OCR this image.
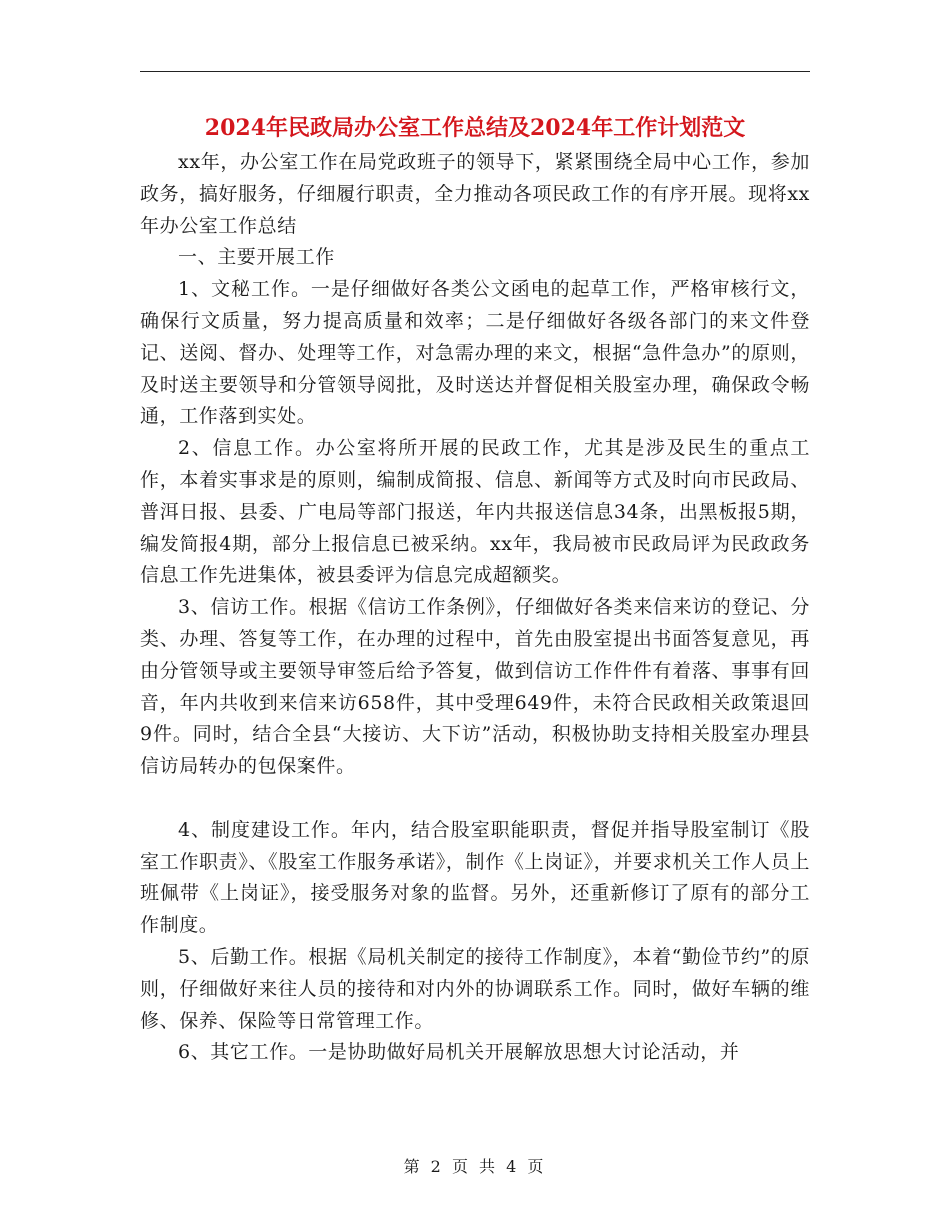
2024年民政局办公室工作总结及2024年工作计划范文

xx年，办公室工作在局党政班子的领导下，紧紧围绕全局中心工作，参加政务，搞好服务，仔细履行职责，全力推动各项民政工作的有序开展。现将xx年办公室工作总结

一、主要开展工作

1、文秘工作。一是仔细做好各类公文函电的起草工作，严格审核行文，确保行文质量，努力提高质量和效率；二是仔细做好各级各部门的来文件登记、送阅、督办、处理等工作，对急需办理的来文，根据“急件急办”的原则，及时送主要领导和分管领导阅批，及时送达并督促相关股室办理，确保政令畅通，工作落到实处。

2、信息工作。办公室将所开展的民政工作，尤其是涉及民生的重点工作，本着实事求是的原则，编制成简报、信息、新闻等方式及时向市民政局、普洱日报、县委、广电局等部门报送，年内共报送信息34条，出黑板报5期，编发简报4期，部分上报信息已被采纳。xx年，我局被市民政局评为民政政务信息工作先进集体，被县委评为信息完成超额奖。

3、信访工作。根据《信访工作条例》，仔细做好各类来信来访的登记、分类、办理、答复等工作，在办理的过程中，首先由股室提出书面答复意见，再由分管领导或主要领导审签后给予答复，做到信访工作件件有着落、事事有回音，年内共收到来信来访658件，其中受理649件，未符合民政相关政策退回9件。同时，结合全县“大接访、大下访”活动，积极协助支持相关股室办理县信访局转办的包保案件。

4、制度建设工作。年内，结合股室职能职责，督促并指导股室制订《股室工作职责》、《股室工作服务承诺》，制作《上岗证》，并要求机关工作人员上班佩带《上岗证》，接受服务对象的监督。另外，还重新修订了原有的部分工作制度。

5、后勤工作。根据《局机关制定的接待工作制度》，本着“勤俭节约”的原则，仔细做好来往人员的接待和对内外的协调联系工作。同时，做好车辆的维修、保养、保险等日常管理工作。

6、其它工作。一是协助做好局机关开展解放思想大讨论活动，并

第 2 页 共 4 页
